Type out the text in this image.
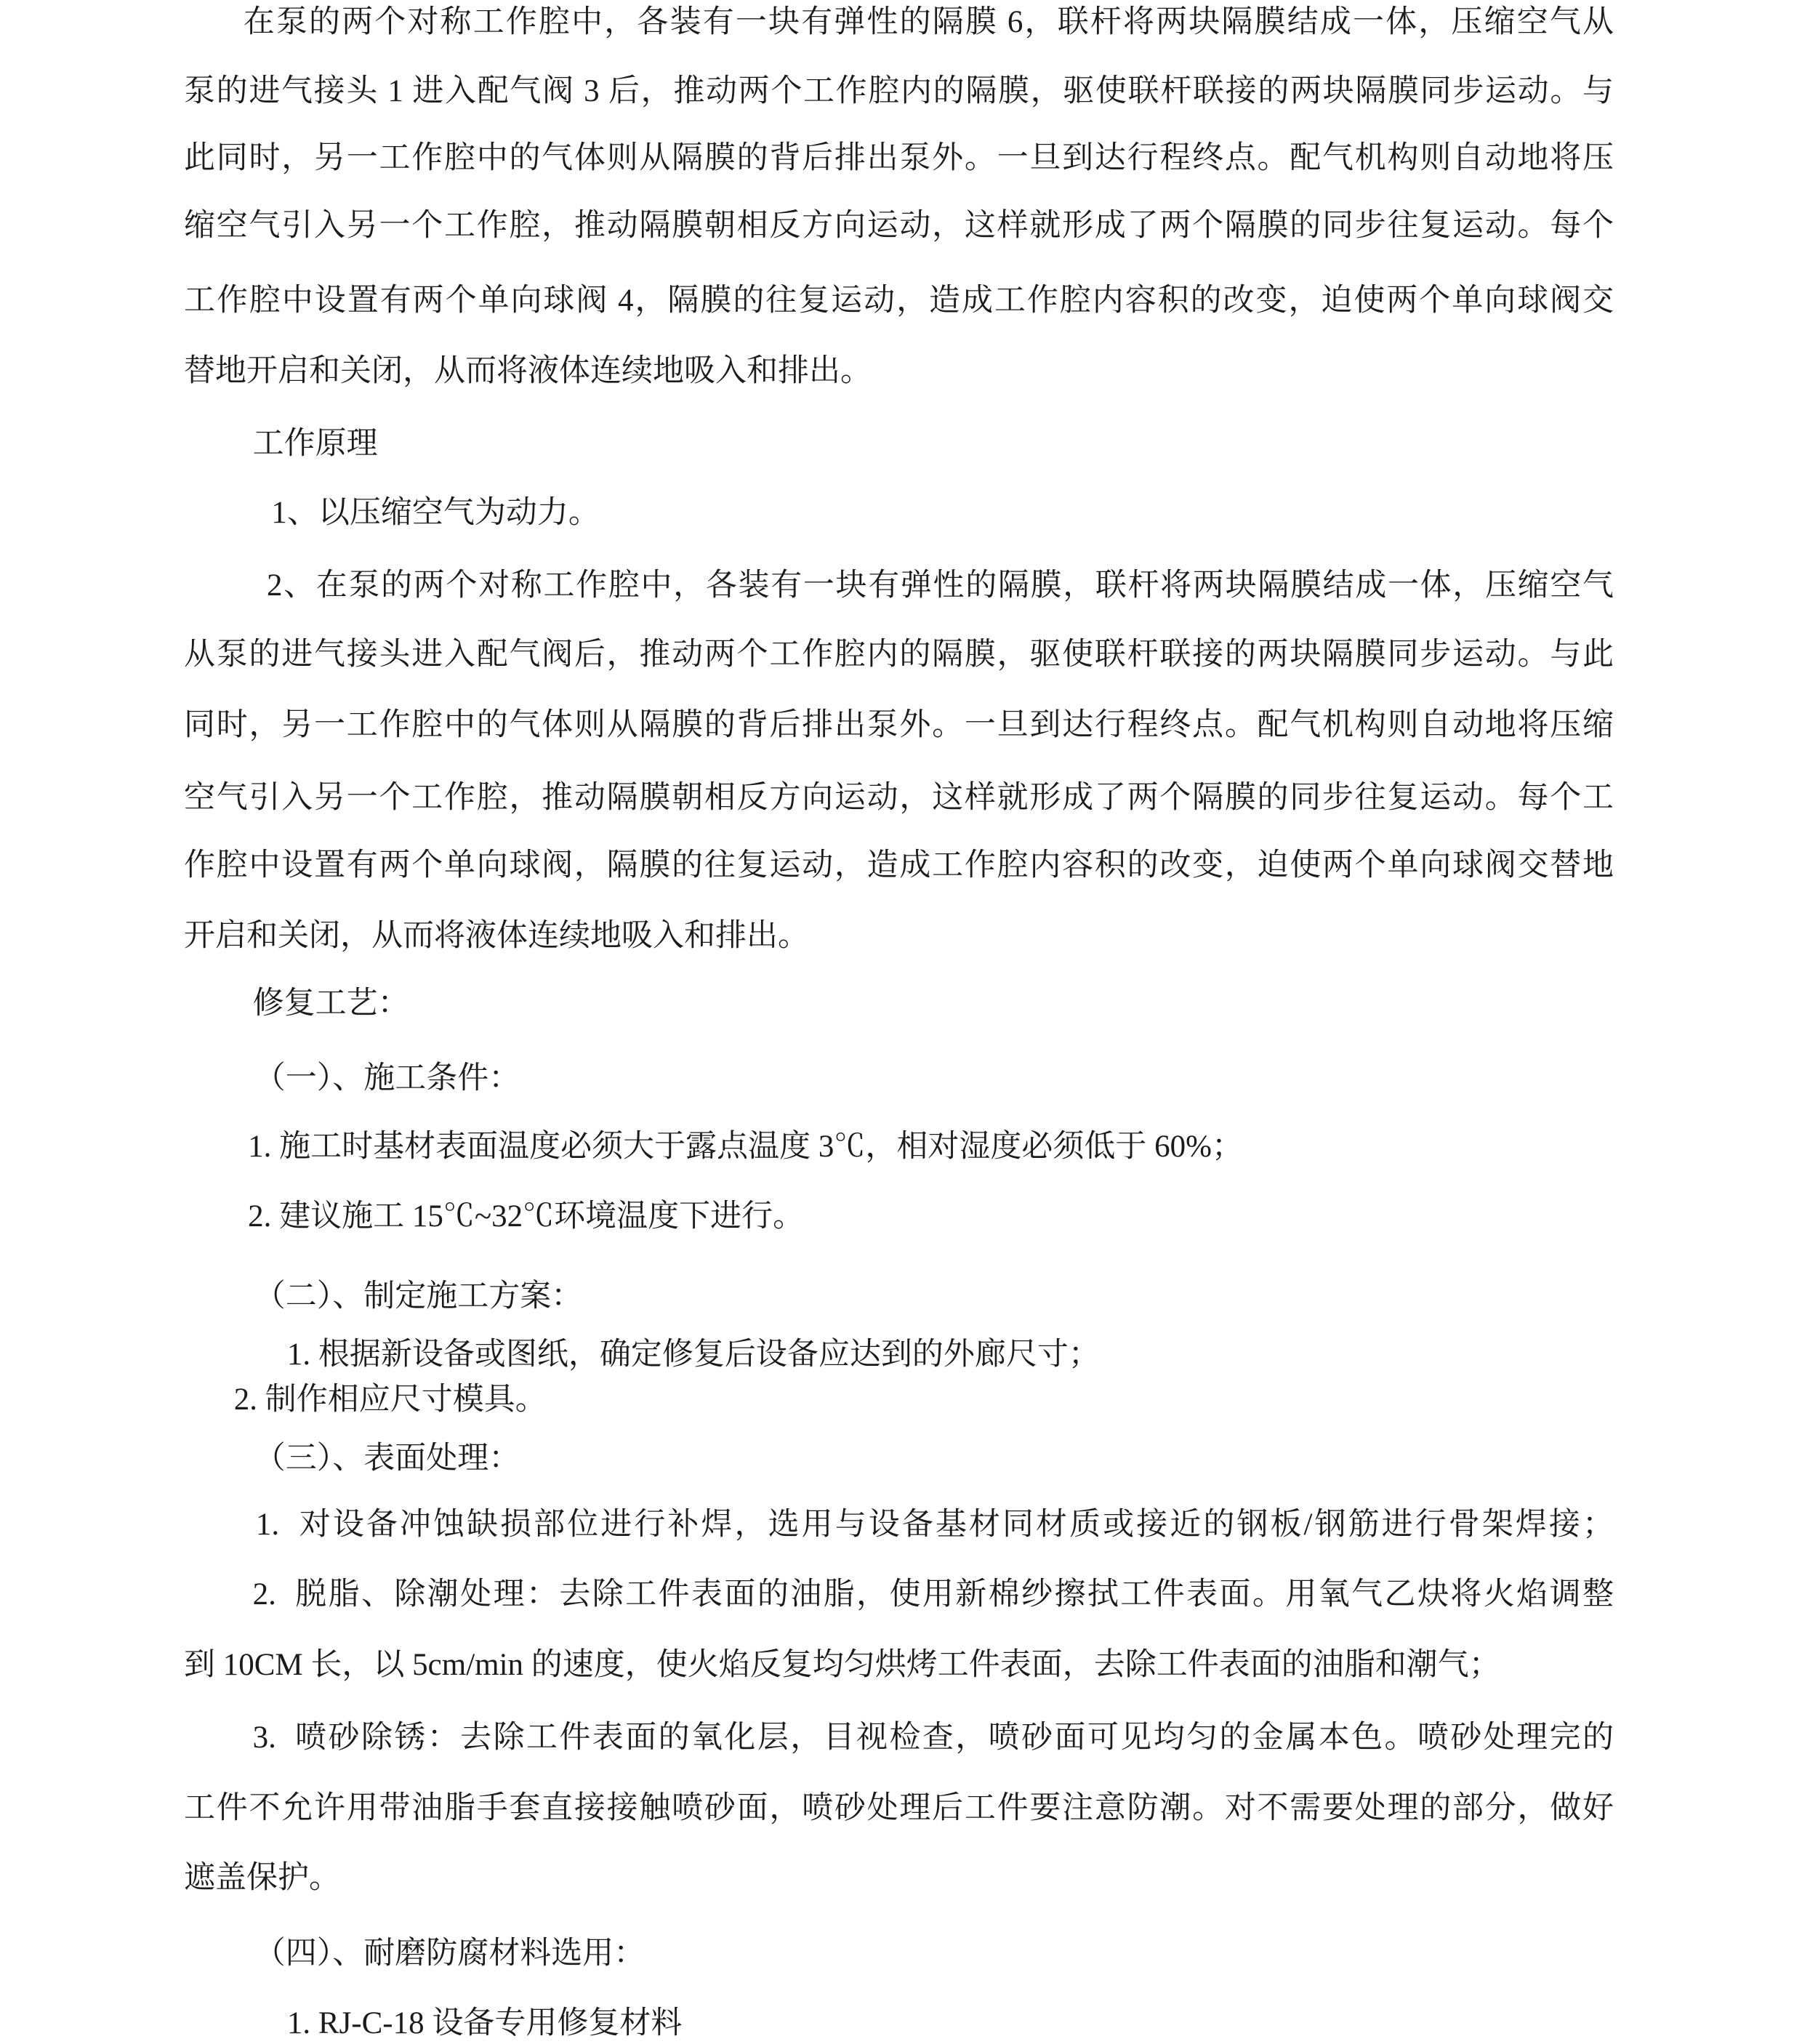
在泵的两个对称工作腔中，各装有一块有弹性的隔膜 6，联杆将两块隔膜结成一体，压缩空气从
泵的进气接头 1 进入配气阀 3 后，推动两个工作腔内的隔膜，驱使联杆联接的两块隔膜同步运动。与
此同时，另一工作腔中的气体则从隔膜的背后排出泵外。一旦到达行程终点。配气机构则自动地将压
缩空气引入另一个工作腔，推动隔膜朝相反方向运动，这样就形成了两个隔膜的同步往复运动。每个
工作腔中设置有两个单向球阀 4，隔膜的往复运动，造成工作腔内容积的改变，迫使两个单向球阀交
替地开启和关闭，从而将液体连续地吸入和排出。
工作原理
1、以压缩空气为动力。
2、在泵的两个对称工作腔中，各装有一块有弹性的隔膜，联杆将两块隔膜结成一体，压缩空气
从泵的进气接头进入配气阀后，推动两个工作腔内的隔膜，驱使联杆联接的两块隔膜同步运动。与此
同时，另一工作腔中的气体则从隔膜的背后排出泵外。一旦到达行程终点。配气机构则自动地将压缩
空气引入另一个工作腔，推动隔膜朝相反方向运动，这样就形成了两个隔膜的同步往复运动。每个工
作腔中设置有两个单向球阀，隔膜的往复运动，造成工作腔内容积的改变，迫使两个单向球阀交替地
开启和关闭，从而将液体连续地吸入和排出。
修复工艺：
（一）、施工条件：
1. 施工时基材表面温度必须大于露点温度 3℃，相对湿度必须低于 60%；
2. 建议施工 15℃~32℃环境温度下进行。
（二）、制定施工方案：
1. 根据新设备或图纸，确定修复后设备应达到的外廊尺寸；
2. 制作相应尺寸模具。
（三）、表面处理：
1.  对设备冲蚀缺损部位进行补焊，选用与设备基材同材质或接近的钢板/钢筋进行骨架焊接；
2.  脱脂、除潮处理：去除工件表面的油脂，使用新棉纱擦拭工件表面。用氧气乙炔将火焰调整
到 10CM 长，以 5cm/min 的速度，使火焰反复均匀烘烤工件表面，去除工件表面的油脂和潮气；
3.  喷砂除锈：去除工件表面的氧化层，目视检查，喷砂面可见均匀的金属本色。喷砂处理完的
工件不允许用带油脂手套直接接触喷砂面，喷砂处理后工件要注意防潮。对不需要处理的部分，做好
遮盖保护。
（四）、耐磨防腐材料选用：
1. RJ-C-18 设备专用修复材料
